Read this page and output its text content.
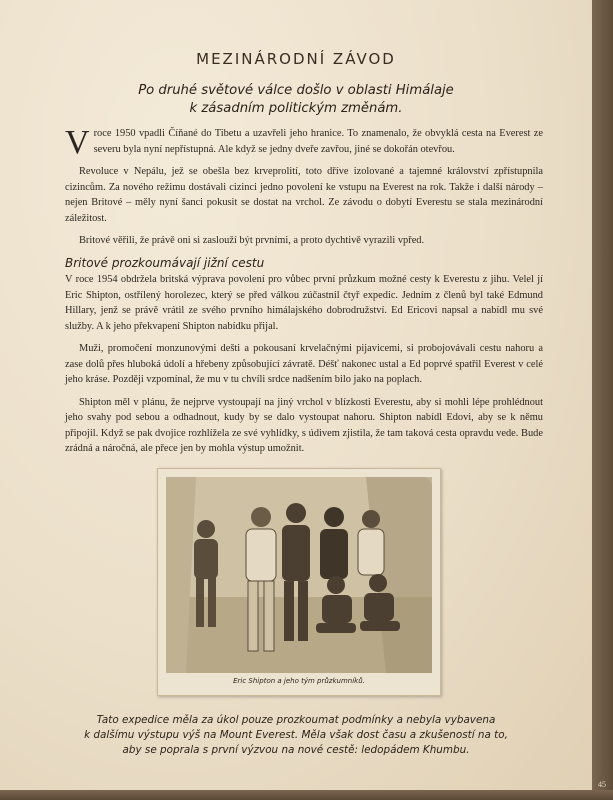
MEZINÁRODNÍ ZÁVOD
Po druhé světové válce došlo v oblasti Himálaje
k zásadním politickým změnám.

Vroce 1950 vpadli Číňané do Tibetu a uzavřeli jeho hranice. To znamenalo, že obvyklá cesta na Everest ze severu byla nyní nepřístupná. Ale když se jedny dveře zavřou, jiné se dokořán otevřou.

Revoluce v Nepálu, jež se obešla bez krveprolití, toto dříve izolované a tajemné království zpřístupnila cizincům. Za nového režimu dostávali cizinci jedno povolení ke vstupu na Everest na rok. Takže i další národy – nejen Britové – měly nyní šanci pokusit se dostat na vrchol. Ze závodu o dobytí Everestu se stala mezinárodní záležitost.

Britové věřili, že právě oni si zaslouží být prvními, a proto dychtivě vyrazili vpřed.

Britové prozkoumávají jižní cestu

V roce 1954 obdržela britská výprava povolení pro vůbec první průzkum možné cesty k Everestu z jihu. Velel jí Eric Shipton, ostřílený horolezec, který se před válkou zúčastnil čtyř expedic. Jedním z členů byl také Edmund Hillary, jenž se právě vrátil ze svého prvního himálajského dobrodružství. Ed Ericovi napsal a nabídl mu své služby. A k jeho překvapení Shipton nabídku přijal.

Muži, promočení monzunovými dešti a pokousaní krvelačnými pijavicemi, si probojovávali cestu nahoru a zase dolů přes hluboká údolí a hřebeny způsobující závratě. Déšť nakonec ustal a Ed poprvé spatřil Everest v celé jeho kráse. Později vzpomínal, že mu v tu chvíli srdce nadšením bilo jako na poplach.

Shipton měl v plánu, že nejprve vystoupají na jiný vrchol v blízkosti Everestu, aby si mohli lépe prohlédnout jeho svahy pod sebou a odhadnout, kudy by se dalo vystoupat nahoru. Shipton nabídl Edovi, aby se k němu připojil. Když se pak dvojice rozhlížela ze své vyhlídky, s údivem zjistila, že tam taková cesta opravdu vede. Bude zrádná a náročná, ale přece jen by mohla výstup umožnit.

Eric Shipton a jeho tým průzkumníků.
Tato expedice měla za úkol pouze prozkoumat podmínky a nebyla vybavena
k dalšímu výstupu výš na Mount Everest. Měla však dost času a zkušeností na to,
aby se poprala s první výzvou na nové cestě: ledopádem Khumbu.
45
